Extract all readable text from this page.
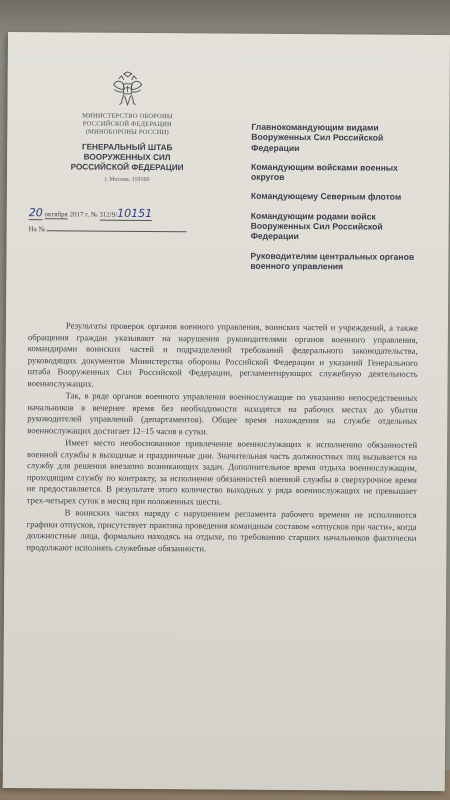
МИНИСТЕРСТВО ОБОРОНЫ
РОССИЙСКОЙ ФЕДЕРАЦИИ
(МИНОБОРОНЫ РОССИИ)
ГЕНЕРАЛЬНЫЙ ШТАБ
ВООРУЖЕННЫХ СИЛ
РОССИЙСКОЙ ФЕДЕРАЦИИ
г. Москва, 119160
20 октября 2017 г. № 312/9/10151
На №
Главнокомандующим видами Вооруженных Сил Российской Федерации
Командующим войсками военных округов
Командующему Северным флотом
Командующим родами войск Вооруженных Сил Российской Федерации
Руководителям центральных органов военного управления

Результаты проверок органов военного управления, воинских частей и учреждений, а также обращения граждан указывают на нарушения руководителями органов военного управления, командирами воинских частей и подразделений требований федерального законодательства, руководящих документов Министерства обороны Российской Федерации и указаний Генерального штаба Вооруженных Сил Российской Федерации, регламентирующих служебную деятельность военнослужащих.

Так, в ряде органов военного управления военнослужащие по указанию непосредственных начальников в вечернее время без необходимости находятся на рабочих местах до убытия руководителей управлений (департаментов). Общее время нахождения на службе отдельных военнослужащих достигает 12–15 часов в сутки.

Имеет место необоснованное привлечение военнослужащих к исполнению обязанностей военной службы в выходные и праздничные дни. Значительная часть должностных лиц вызывается на службу для решения внезапно возникающих задач. Дополнительное время отдыха военнослужащим, проходящим службу по контракту, за исполнение обязанностей военной службы в сверхурочное время не предоставляется. В результате этого количество выходных у ряда военнослужащих не превышает трех-четырех суток в месяц при положенных шести.

В воинских частях наряду с нарушением регламента рабочего времени не исполняются графики отпусков, присутствует практика проведения командным составом «отпусков при части», когда должностные лица, формально находясь на отдыхе, по требованию старших начальников фактически продолжают исполнять служебные обязанности.
